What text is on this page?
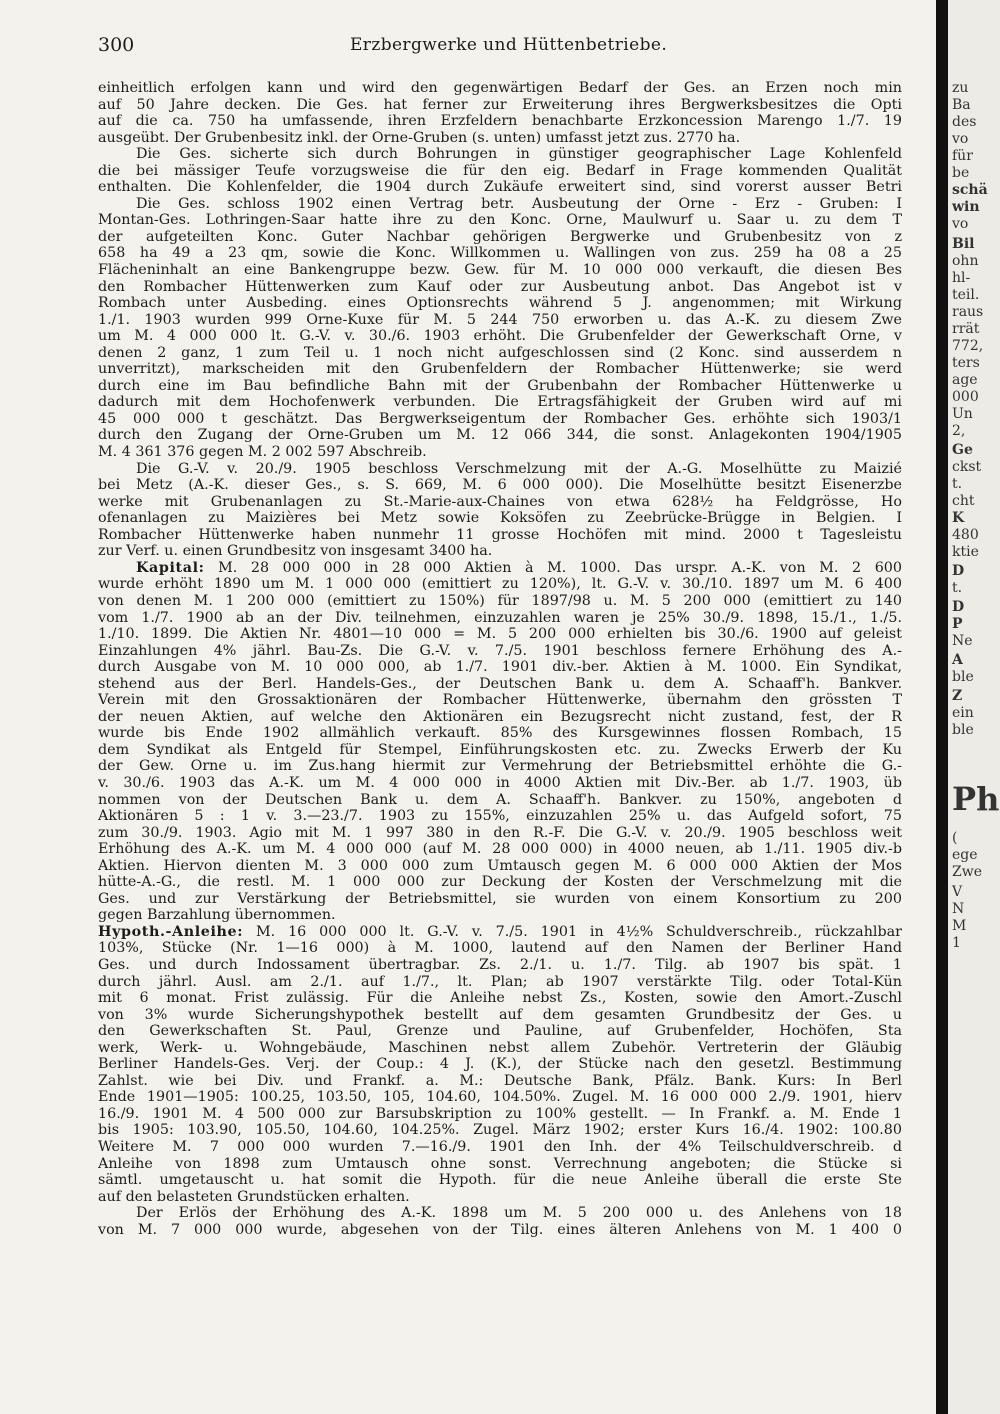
300	Erzbergwerke und Hüttenbetriebe.
einheitlich erfolgen kann und wird den gegenwärtigen Bedarf der Ges. an Erzen noch min
auf 50 Jahre decken. Die Ges. hat ferner zur Erweiterung ihres Bergwerksbesitzes die Opti
auf die ca. 750 ha umfassende, ihren Erzfeldern benachbarte Erzkoncession Marengo 1./7. 19
ausgeübt. Der Grubenbesitz inkl. der Orne-Gruben (s. unten) umfasst jetzt zus. 2770 ha.
Die Ges. sicherte sich durch Bohrungen in günstiger geographischer Lage Kohlenfeld
die bei mässiger Teufe vorzugsweise die für den eig. Bedarf in Frage kommenden Qualität
enthalten. Die Kohlenfelder, die 1904 durch Zukäufe erweitert sind, sind vorerst ausser Betri
Die Ges. schloss 1902 einen Vertrag betr. Ausbeutung der Orne - Erz - Gruben: I
Montan-Ges. Lothringen-Saar hatte ihre zu den Konc. Orne, Maulwurf u. Saar u. zu dem T
der aufgeteilten Konc. Guter Nachbar gehörigen Bergwerke und Grubenbesitz von z
658 ha 49 a 23 qm, sowie die Konc. Willkommen u. Wallingen von zus. 259 ha 08 a 25
Flächeninhalt an eine Bankengruppe bezw. Gew. für M. 10 000 000 verkauft, die diesen Bes
den Rombacher Hüttenwerken zum Kauf oder zur Ausbeutung anbot. Das Angebot ist v
Rombach unter Ausbeding. eines Optionsrechts während 5 J. angenommen; mit Wirkung
1./1. 1903 wurden 999 Orne-Kuxe für M. 5 244 750 erworben u. das A.-K. zu diesem Zwe
um M. 4 000 000 lt. G.-V. v. 30./6. 1903 erhöht. Die Grubenfelder der Gewerkschaft Orne, v
denen 2 ganz, 1 zum Teil u. 1 noch nicht aufgeschlossen sind (2 Konc. sind ausserdem n
unverritzt), markscheiden mit den Grubenfeldern der Rombacher Hüttenwerke; sie werd
durch eine im Bau befindliche Bahn mit der Grubenbahn der Rombacher Hüttenwerke u
dadurch mit dem Hochofenwerk verbunden. Die Ertragsfähigkeit der Gruben wird auf mi
45 000 000 t geschätzt. Das Bergwerkseigentum der Rombacher Ges. erhöhte sich 1903/1
durch den Zugang der Orne-Gruben um M. 12 066 344, die sonst. Anlagekonten 1904/1905
M. 4 361 376 gegen M. 2 002 597 Abschreib.
Die G.-V. v. 20./9. 1905 beschloss Verschmelzung mit der A.-G. Moselhütte zu Maizié
bei Metz (A.-K. dieser Ges., s. S. 669, M. 6 000 000). Die Moselhütte besitzt Eisenerzbe
werke mit Grubenanlagen zu St.-Marie-aux-Chaines von etwa 628½ ha Feldgrösse, Ho
ofenanlagen zu Maizières bei Metz sowie Koksöfen zu Zeebrücke-Brügge in Belgien. I
Rombacher Hüttenwerke haben nunmehr 11 grosse Hochöfen mit mind. 2000 t Tagesleistu
zur Verf. u. einen Grundbesitz von insgesamt 3400 ha.
Kapital: M. 28 000 000 in 28 000 Aktien à M. 1000. Das urspr. A.-K. von M. 2 600
wurde erhöht 1890 um M. 1 000 000 (emittiert zu 120%), lt. G.-V. v. 30./10. 1897 um M. 6 400
von denen M. 1 200 000 (emittiert zu 150%) für 1897/98 u. M. 5 200 000 (emittiert zu 140
vom 1./7. 1900 ab an der Div. teilnehmen, einzuzahlen waren je 25% 30./9. 1898, 15./1., 1./5.
1./10. 1899. Die Aktien Nr. 4801—10 000 = M. 5 200 000 erhielten bis 30./6. 1900 auf geleist
Einzahlungen 4% jährl. Bau-Zs. Die G.-V. v. 7./5. 1901 beschloss fernere Erhöhung des A.-
durch Ausgabe von M. 10 000 000, ab 1./7. 1901 div.-ber. Aktien à M. 1000. Ein Syndikat,
stehend aus der Berl. Handels-Ges., der Deutschen Bank u. dem A. Schaaff'h. Bankver.
Verein mit den Grossaktionären der Rombacher Hüttenwerke, übernahm den grössten T
der neuen Aktien, auf welche den Aktionären ein Bezugsrecht nicht zustand, fest, der R
wurde bis Ende 1902 allmählich verkauft. 85% des Kursgewinnes flossen Rombach, 15
dem Syndikat als Entgeld für Stempel, Einführungskosten etc. zu. Zwecks Erwerb der Ku
der Gew. Orne u. im Zus.hang hiermit zur Vermehrung der Betriebsmittel erhöhte die G.-
v. 30./6. 1903 das A.-K. um M. 4 000 000 in 4000 Aktien mit Div.-Ber. ab 1./7. 1903, üb
nommen von der Deutschen Bank u. dem A. Schaaff'h. Bankver. zu 150%, angeboten d
Aktionären 5 : 1 v. 3.—23./7. 1903 zu 155%, einzuzahlen 25% u. das Aufgeld sofort, 75
zum 30./9. 1903. Agio mit M. 1 997 380 in den R.-F. Die G.-V. v. 20./9. 1905 beschloss weit
Erhöhung des A.-K. um M. 4 000 000 (auf M. 28 000 000) in 4000 neuen, ab 1./11. 1905 div.-b
Aktien. Hiervon dienten M. 3 000 000 zum Umtausch gegen M. 6 000 000 Aktien der Mos
hütte-A.-G., die restl. M. 1 000 000 zur Deckung der Kosten der Verschmelzung mit die
Ges. und zur Verstärkung der Betriebsmittel, sie wurden von einem Konsortium zu 200
gegen Barzahlung übernommen.
Hypoth.-Anleihe: M. 16 000 000 lt. G.-V. v. 7./5. 1901 in 4½% Schuldverschreib., rückzahlbar
103%, Stücke (Nr. 1—16 000) à M. 1000, lautend auf den Namen der Berliner Hand
Ges. und durch Indossament übertragbar. Zs. 2./1. u. 1./7. Tilg. ab 1907 bis spät. 1
durch jährl. Ausl. am 2./1. auf 1./7., lt. Plan; ab 1907 verstärkte Tilg. oder Total-Kün
mit 6 monat. Frist zulässig. Für die Anleihe nebst Zs., Kosten, sowie den Amort.-Zuschl
von 3% wurde Sicherungshypothek bestellt auf dem gesamten Grundbesitz der Ges. u
den Gewerkschaften St. Paul, Grenze und Pauline, auf Grubenfelder, Hochöfen, Sta
werk, Werk- u. Wohngebäude, Maschinen nebst allem Zubehör. Vertreterin der Gläubig
Berliner Handels-Ges. Verj. der Coup.: 4 J. (K.), der Stücke nach den gesetzl. Bestimmung
Zahlst. wie bei Div. und Frankf. a. M.: Deutsche Bank, Pfälz. Bank. Kurs: In Berl
Ende 1901—1905: 100.25, 103.50, 105, 104.60, 104.50%. Zugel. M. 16 000 000 2./9. 1901, hierv
16./9. 1901 M. 4 500 000 zur Barsubskription zu 100% gestellt. — In Frankf. a. M. Ende 1
bis 1905: 103.90, 105.50, 104.60, 104.25%. Zugel. März 1902; erster Kurs 16./4. 1902: 100.80
Weitere M. 7 000 000 wurden 7.—16./9. 1901 den Inh. der 4% Teilschuldverschreib. d
Anleihe von 1898 zum Umtausch ohne sonst. Verrechnung angeboten; die Stücke si
sämtl. umgetauscht u. hat somit die Hypoth. für die neue Anleihe überall die erste Ste
auf den belasteten Grundstücken erhalten.
Der Erlös der Erhöhung des A.-K. 1898 um M. 5 200 000 u. des Anlehens von 18
von M. 7 000 000 wurde, abgesehen von der Tilg. eines älteren Anlehens von M. 1 400 0
zu
Ba
des
vo
für
be
schä
win
vo
Bil
ohn
hl-
teil.
raus
rrät
772,
ters
age
000
Un
2,
Ge
ckst
t.
cht
K
480
ktie
D
t.
D
P
Ne
A
ble
Z
ein
ble
Ph
(
ege
Zwe
V
N
M
1
